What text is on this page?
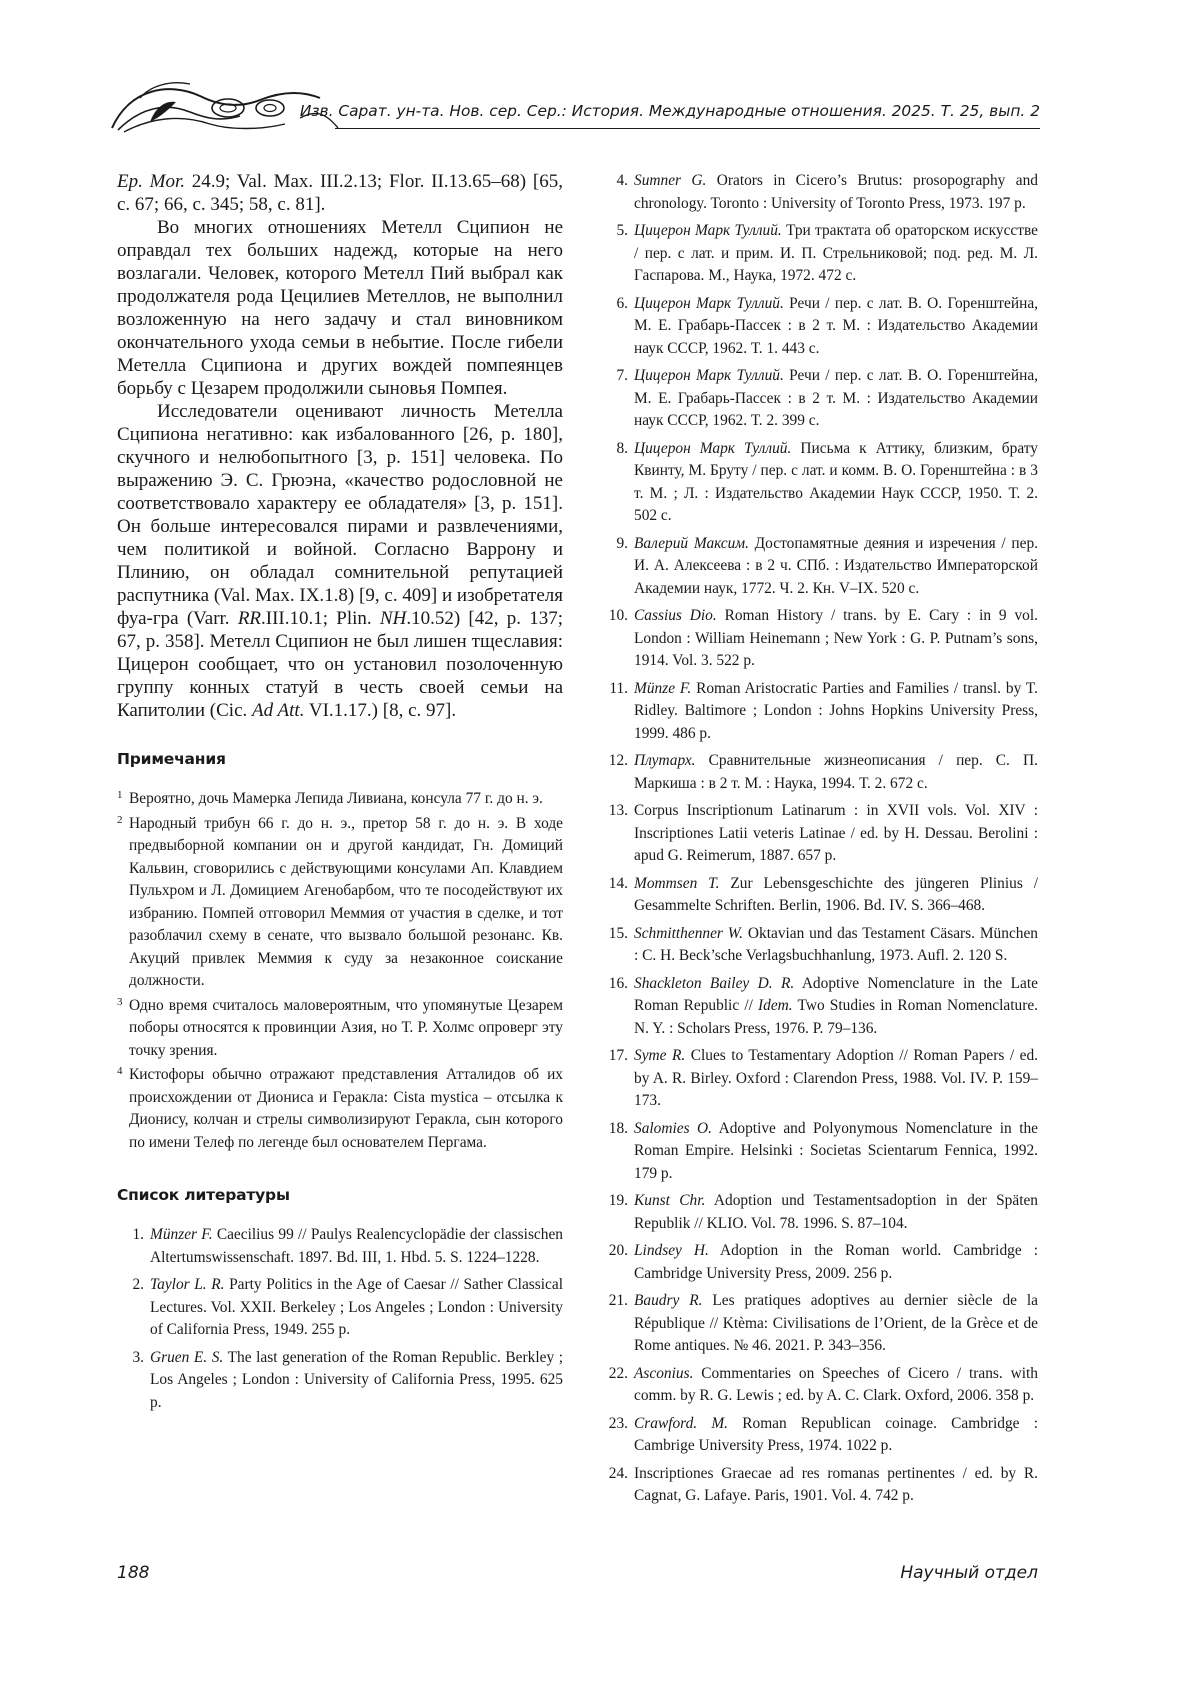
Изв. Сарат. ун-та. Нов. сер. Сер.: История. Международные отношения. 2025. Т. 25, вып. 2

Ep. Mor. 24.9; Val. Max. III.2.13; Flor. II.13.65–68) [65, с. 67; 66, с. 345; 58, с. 81].

Во многих отношениях Метелл Сципион не оправдал тех больших надежд, которые на него возлагали. Человек, которого Метелл Пий выбрал как продолжателя рода Цецилиев Метеллов, не выполнил возложенную на него задачу и стал виновником окончательного ухода семьи в небытие. После гибели Метелла Сципиона и других вождей помпеянцев борьбу с Цезарем продолжили сыновья Помпея.

Исследователи оценивают личность Метелла Сципиона негативно: как избалованного [26, p. 180], скучного и нелюбопытного [3, p. 151] человека. По выражению Э. С. Грюэна, «качество родословной не соответствовало характеру ее обладателя» [3, p. 151]. Он больше интересовался пирами и развлечениями, чем политикой и войной. Согласно Варрону и Плинию, он обладал сомнительной репутацией распутника (Val. Max. IX.1.8) [9, с. 409] и изобретателя фуа-гра (Varr. RR.III.10.1; Plin. NH.10.52) [42, p. 137; 67, p. 358]. Метелл Сципион не был лишен тщеславия: Цицерон сообщает, что он установил позолоченную группу конных статуй в честь своей семьи на Капитолии (Cic. Ad Att. VI.1.17.) [8, с. 97].

Примечания
1 Вероятно, дочь Мамерка Лепида Ливиана, консула 77 г. до н. э.
2 Народный трибун 66 г. до н. э., претор 58 г. до н. э. В ходе предвыборной компании он и другой кандидат, Гн. Домиций Кальвин, сговорились с действующими консулами Ап. Клавдием Пульхром и Л. Домицием Агенобарбом, что те посодействуют их избранию. Помпей отговорил Меммия от участия в сделке, и тот разоблачил схему в сенате, что вызвало большой резонанс. Кв. Акуций привлек Меммия к суду за незаконное соискание должности.
3 Одно время считалось маловероятным, что упомянутые Цезарем поборы относятся к провинции Азия, но Т. Р. Холмс опроверг эту точку зрения.
4 Кистофоры обычно отражают представления Атталидов об их происхождении от Диониса и Геракла: Cista mystica – отсылка к Дионису, колчан и стрелы символизируют Геракла, сын которого по имени Телеф по легенде был основателем Пергама.
Список литературы
1. Münzer F. Caecilius 99 // Paulys Realencyclopädie der classischen Altertumswissenschaft. 1897. Bd. III, 1. Hbd. 5. S. 1224–1228.
2. Taylor L. R. Party Politics in the Age of Caesar // Sather Classical Lectures. Vol. XXII. Berkeley ; Los Angeles ; London : University of California Press, 1949. 255 p.
3. Gruen E. S. The last generation of the Roman Republic. Berkley ; Los Angeles ; London : University of California Press, 1995. 625 p.
4. Sumner G. Orators in Cicero’s Brutus: prosopography and chronology. Toronto : University of Toronto Press, 1973. 197 p.
5. Цицерон Марк Туллий. Три трактата об ораторском искусстве / пер. с лат. и прим. И. П. Стрельниковой; под. ред. М. Л. Гаспарова. М., Наука, 1972. 472 с.
6. Цицерон Марк Туллий. Речи / пер. с лат. В. О. Горенштейна, М. Е. Грабарь-Пассек : в 2 т. М. : Издательство Академии наук СССР, 1962. Т. 1. 443 с.
7. Цицерон Марк Туллий. Речи / пер. с лат. В. О. Горенштейна, М. Е. Грабарь-Пассек : в 2 т. М. : Издательство Академии наук СССР, 1962. Т. 2. 399 с.
8. Цицерон Марк Туллий. Письма к Аттику, близким, брату Квинту, М. Бруту / пер. с лат. и комм. В. О. Горенштейна : в 3 т. М. ; Л. : Издательство Академии Наук СССР, 1950. Т. 2. 502 с.
9. Валерий Максим. Достопамятные деяния и изречения / пер. И. А. Алексеева : в 2 ч. СПб. : Издательство Императорской Академии наук, 1772. Ч. 2. Кн. V–IX. 520 с.
10. Cassius Dio. Roman History / trans. by E. Cary : in 9 vol. London : William Heinemann ; New York : G. P. Putnam’s sons, 1914. Vol. 3. 522 p.
11. Münze F. Roman Aristocratic Parties and Families / transl. by T. Ridley. Baltimore ; London : Johns Hopkins University Press, 1999. 486 p.
12. Плутарх. Сравнительные жизнеописания / пер. С. П. Маркиша : в 2 т. М. : Наука, 1994. Т. 2. 672 с.
13. Corpus Inscriptionum Latinarum : in XVII vols. Vol. XIV : Inscriptiones Latii veteris Latinae / ed. by H. Dessau. Berolini : apud G. Reimerum, 1887. 657 p.
14. Mommsen T. Zur Lebensgeschichte des jüngeren Plinius / Gesammelte Schriften. Berlin, 1906. Bd. IV. S. 366–468.
15. Schmitthenner W. Oktavian und das Testament Cäsars. München : C. H. Beck’sche Verlagsbuchhanlung, 1973. Aufl. 2. 120 S.
16. Shackleton Bailey D. R. Adoptive Nomenclature in the Late Roman Republic // Idem. Two Studies in Roman Nomenclature. N. Y. : Scholars Press, 1976. P. 79–136.
17. Syme R. Clues to Testamentary Adoption // Roman Papers / ed. by A. R. Birley. Oxford : Clarendon Press, 1988. Vol. IV. P. 159–173.
18. Salomies O. Adoptive and Polyonymous Nomenclature in the Roman Empire. Helsinki : Societas Scientarum Fennica, 1992. 179 p.
19. Kunst Chr. Adoption und Testamentsadoption in der Späten Republik // KLIO. Vol. 78. 1996. S. 87–104.
20. Lindsey H. Adoption in the Roman world. Cambridge : Cambridge University Press, 2009. 256 p.
21. Baudry R. Les pratiques adoptives au dernier siècle de la République // Ktèma: Civilisations de l’Orient, de la Grèce et de Rome antiques. № 46. 2021. P. 343–356.
22. Asconius. Commentaries on Speeches of Cicero / trans. with comm. by R. G. Lewis ; ed. by A. C. Clark. Oxford, 2006. 358 p.
23. Crawford. M. Roman Republican coinage. Cambridge : Cambrige University Press, 1974. 1022 p.
24. Inscriptiones Graecae ad res romanas pertinentes / ed. by R. Cagnat, G. Lafaye. Paris, 1901. Vol. 4. 742 p.
188	Научный отдел
